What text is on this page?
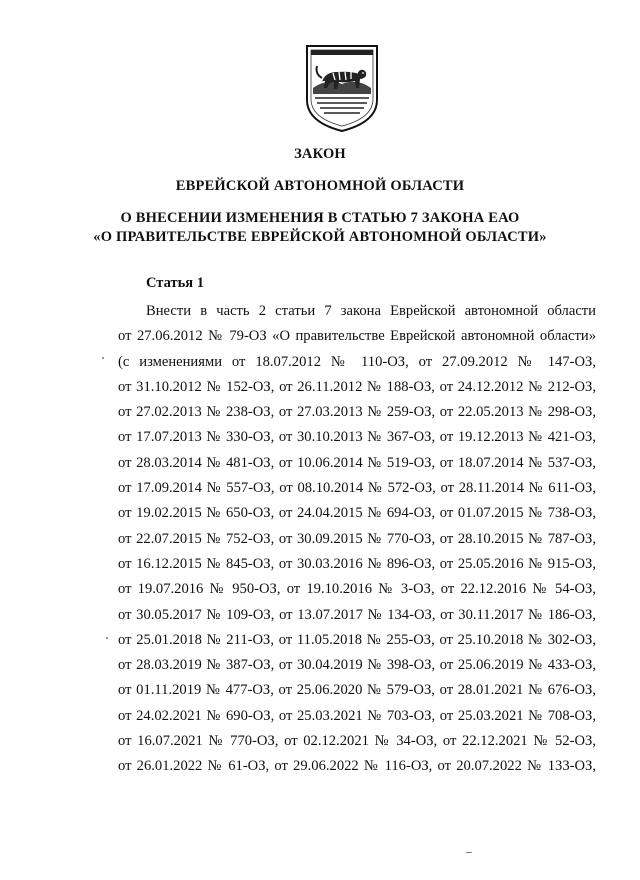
ЗАКОН
ЕВРЕЙСКОЙ АВТОНОМНОЙ ОБЛАСТИ
О ВНЕСЕНИИ ИЗМЕНЕНИЯ В СТАТЬЮ 7 ЗАКОНА ЕАО
«О ПРАВИТЕЛЬСТВЕ ЕВРЕЙСКОЙ АВТОНОМНОЙ ОБЛАСТИ»
Статья 1
Внести в часть 2 статьи 7 закона Еврейской автономной области
от 27.06.2012 № 79-ОЗ «О правительстве Еврейской автономной области»
(с изменениями от 18.07.2012 № 110-ОЗ, от 27.09.2012 № 147-ОЗ,
от 31.10.2012 № 152-ОЗ, от 26.11.2012 № 188-ОЗ, от 24.12.2012 № 212-ОЗ,
от 27.02.2013 № 238-ОЗ, от 27.03.2013 № 259-ОЗ, от 22.05.2013 № 298-ОЗ,
от 17.07.2013 № 330-ОЗ, от 30.10.2013 № 367-ОЗ, от 19.12.2013 № 421-ОЗ,
от 28.03.2014 № 481-ОЗ, от 10.06.2014 № 519-ОЗ, от 18.07.2014 № 537-ОЗ,
от 17.09.2014 № 557-ОЗ, от 08.10.2014 № 572-ОЗ, от 28.11.2014 № 611-ОЗ,
от 19.02.2015 № 650-ОЗ, от 24.04.2015 № 694-ОЗ, от 01.07.2015 № 738-ОЗ,
от 22.07.2015 № 752-ОЗ, от 30.09.2015 № 770-ОЗ, от 28.10.2015 № 787-ОЗ,
от 16.12.2015 № 845-ОЗ, от 30.03.2016 № 896-ОЗ, от 25.05.2016 № 915-ОЗ,
от 19.07.2016 № 950-ОЗ, от 19.10.2016 № 3-ОЗ, от 22.12.2016 № 54-ОЗ,
от 30.05.2017 № 109-ОЗ, от 13.07.2017 № 134-ОЗ, от 30.11.2017 № 186-ОЗ,
от 25.01.2018 № 211-ОЗ, от 11.05.2018 № 255-ОЗ, от 25.10.2018 № 302-ОЗ,
от 28.03.2019 № 387-ОЗ, от 30.04.2019 № 398-ОЗ, от 25.06.2019 № 433-ОЗ,
от 01.11.2019 № 477-ОЗ, от 25.06.2020 № 579-ОЗ, от 28.01.2021 № 676-ОЗ,
от 24.02.2021 № 690-ОЗ, от 25.03.2021 № 703-ОЗ, от 25.03.2021 № 708-ОЗ,
от 16.07.2021 № 770-ОЗ, от 02.12.2021 № 34-ОЗ, от 22.12.2021 № 52-ОЗ,
от 26.01.2022 № 61-ОЗ, от 29.06.2022 № 116-ОЗ, от 20.07.2022 № 133-ОЗ,
